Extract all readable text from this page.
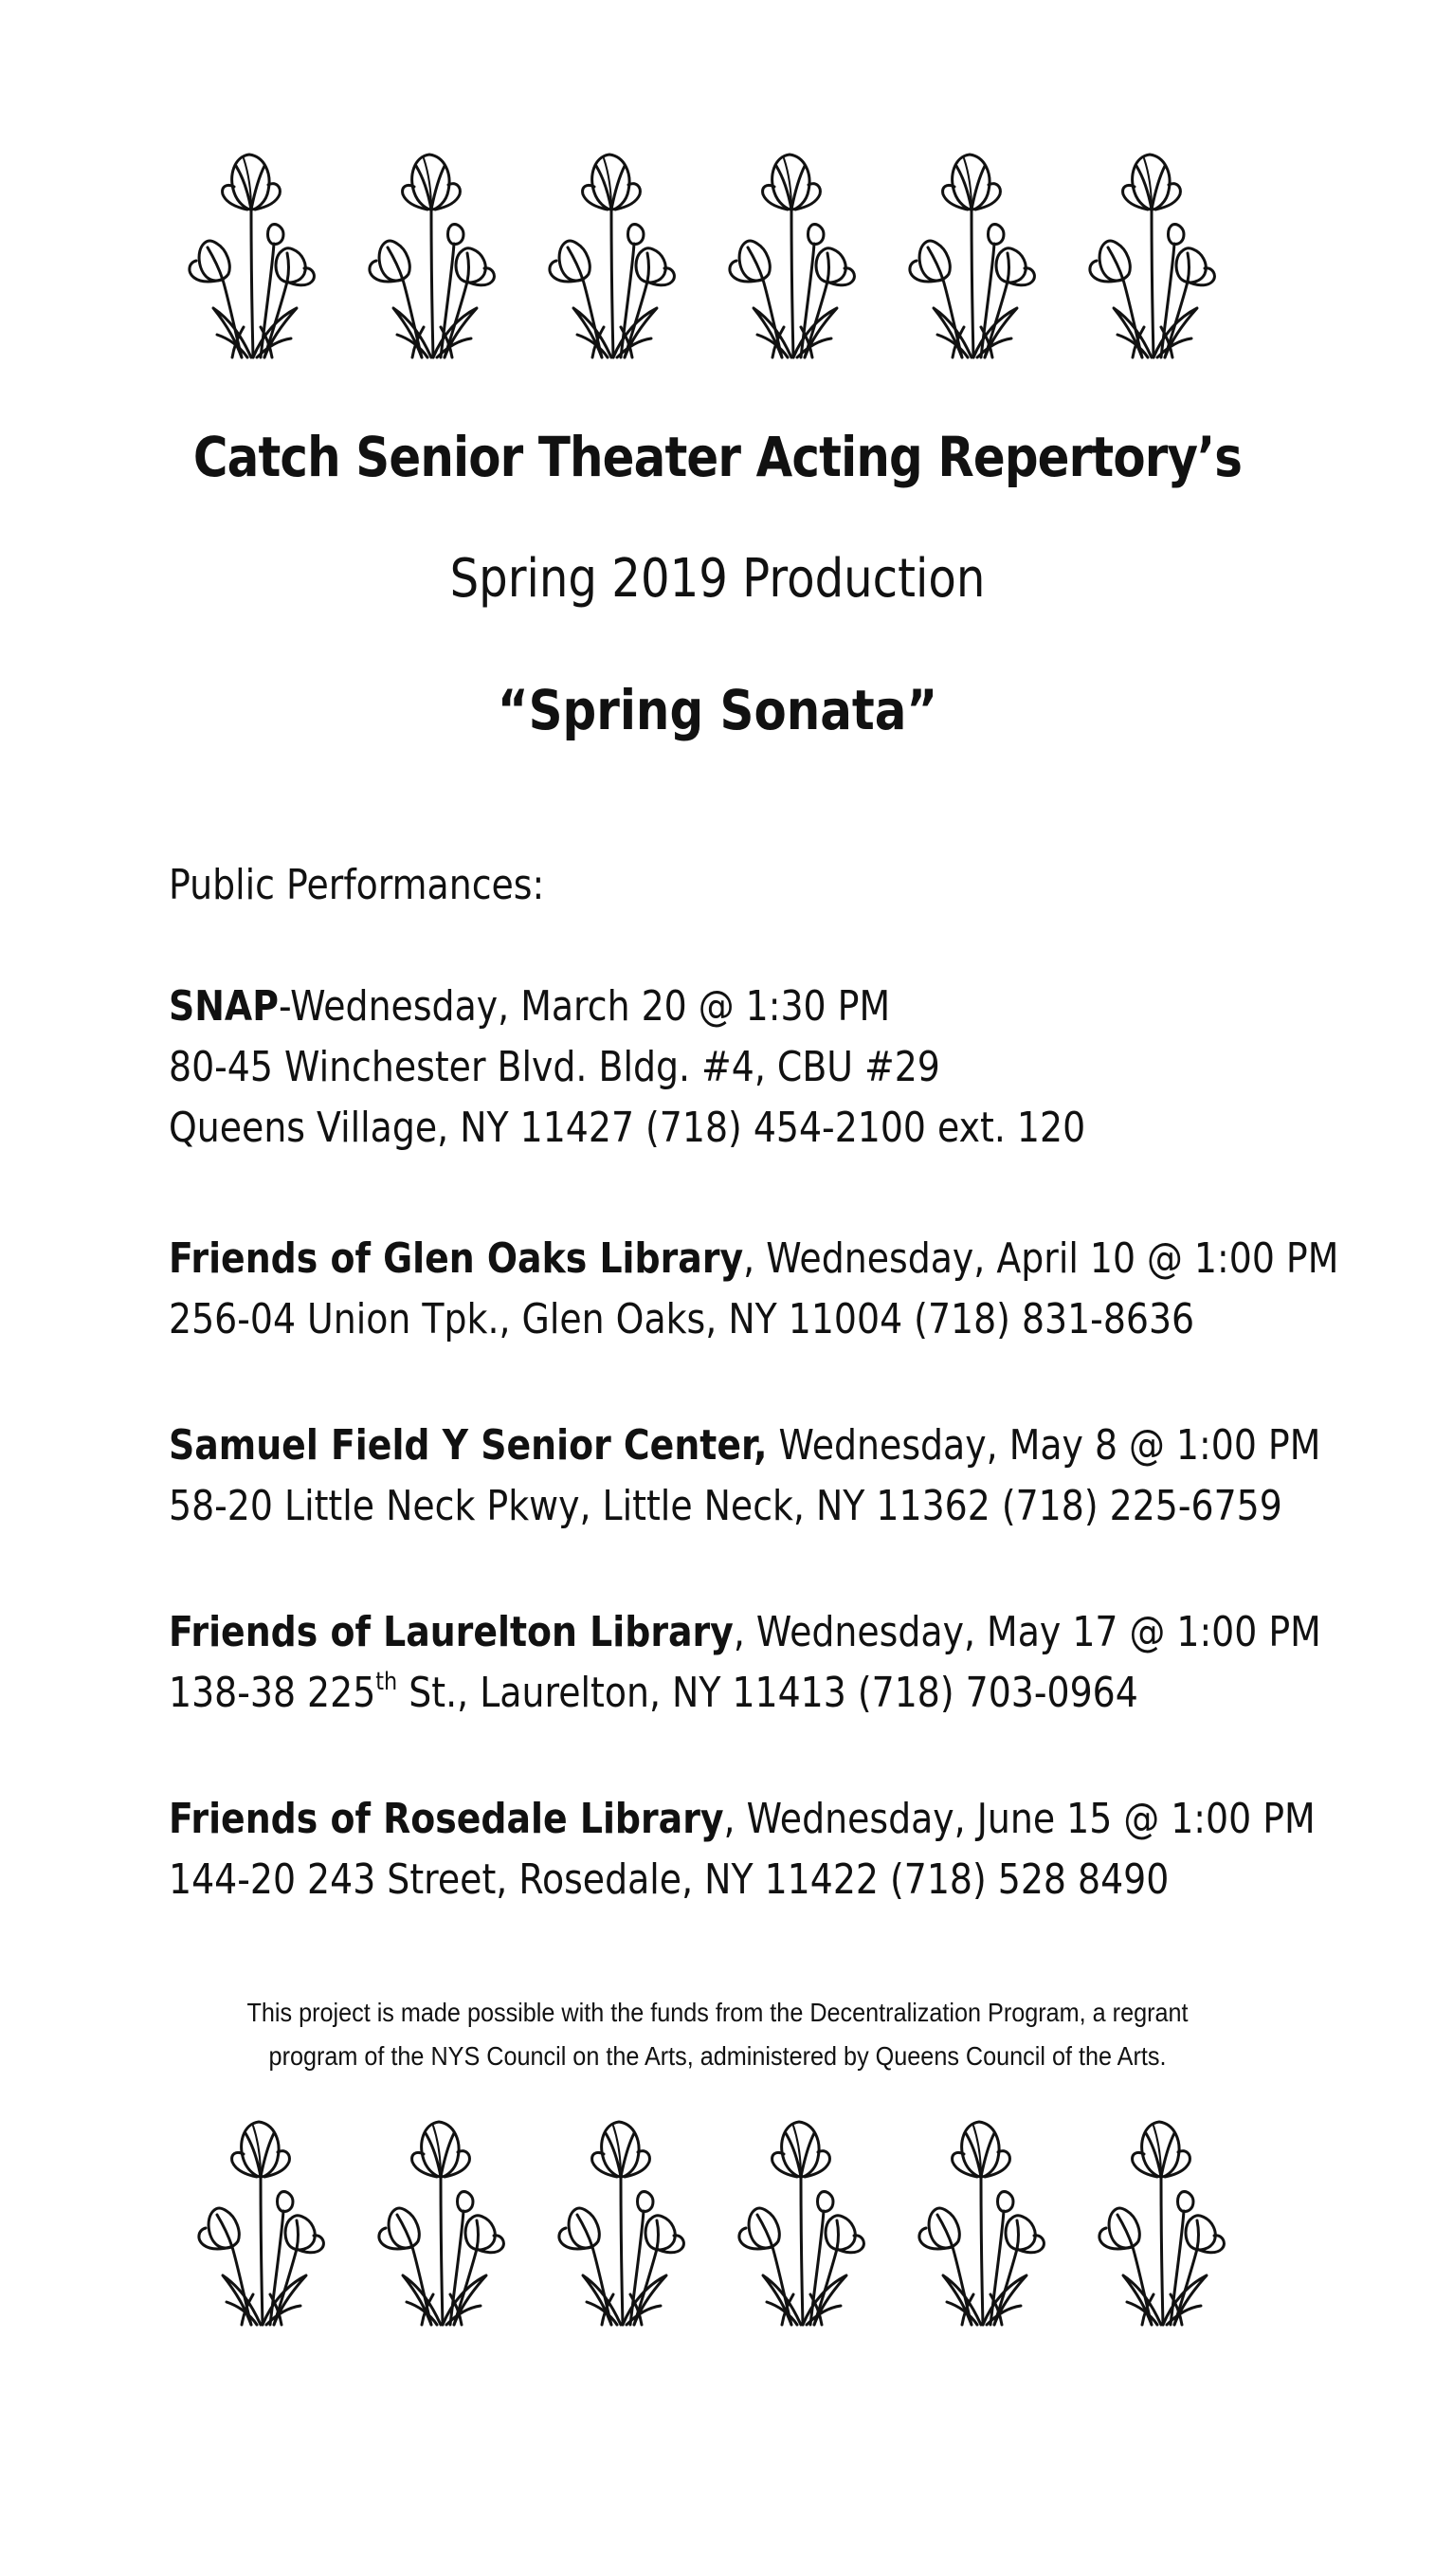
Catch Senior Theater Acting Repertory’s
Spring 2019 Production
“Spring Sonata”
Public Performances:
SNAP-Wednesday, March 20 @ 1:30 PM
80-45 Winchester Blvd. Bldg. #4, CBU #29
Queens Village, NY 11427 (718) 454-2100 ext. 120
Friends of Glen Oaks Library, Wednesday, April 10 @ 1:00 PM
256-04 Union Tpk., Glen Oaks, NY 11004 (718) 831-8636
Samuel Field Y Senior Center, Wednesday, May 8 @ 1:00 PM
58-20 Little Neck Pkwy, Little Neck, NY 11362 (718) 225-6759
Friends of Laurelton Library, Wednesday, May 17 @ 1:00 PM
138-38 225th St., Laurelton, NY 11413 (718) 703-0964
Friends of Rosedale Library, Wednesday, June 15 @ 1:00 PM
144-20 243 Street, Rosedale, NY 11422 (718) 528 8490
This project is made possible with the funds from the Decentralization Program, a regrant
program of the NYS Council on the Arts, administered by Queens Council of the Arts.
